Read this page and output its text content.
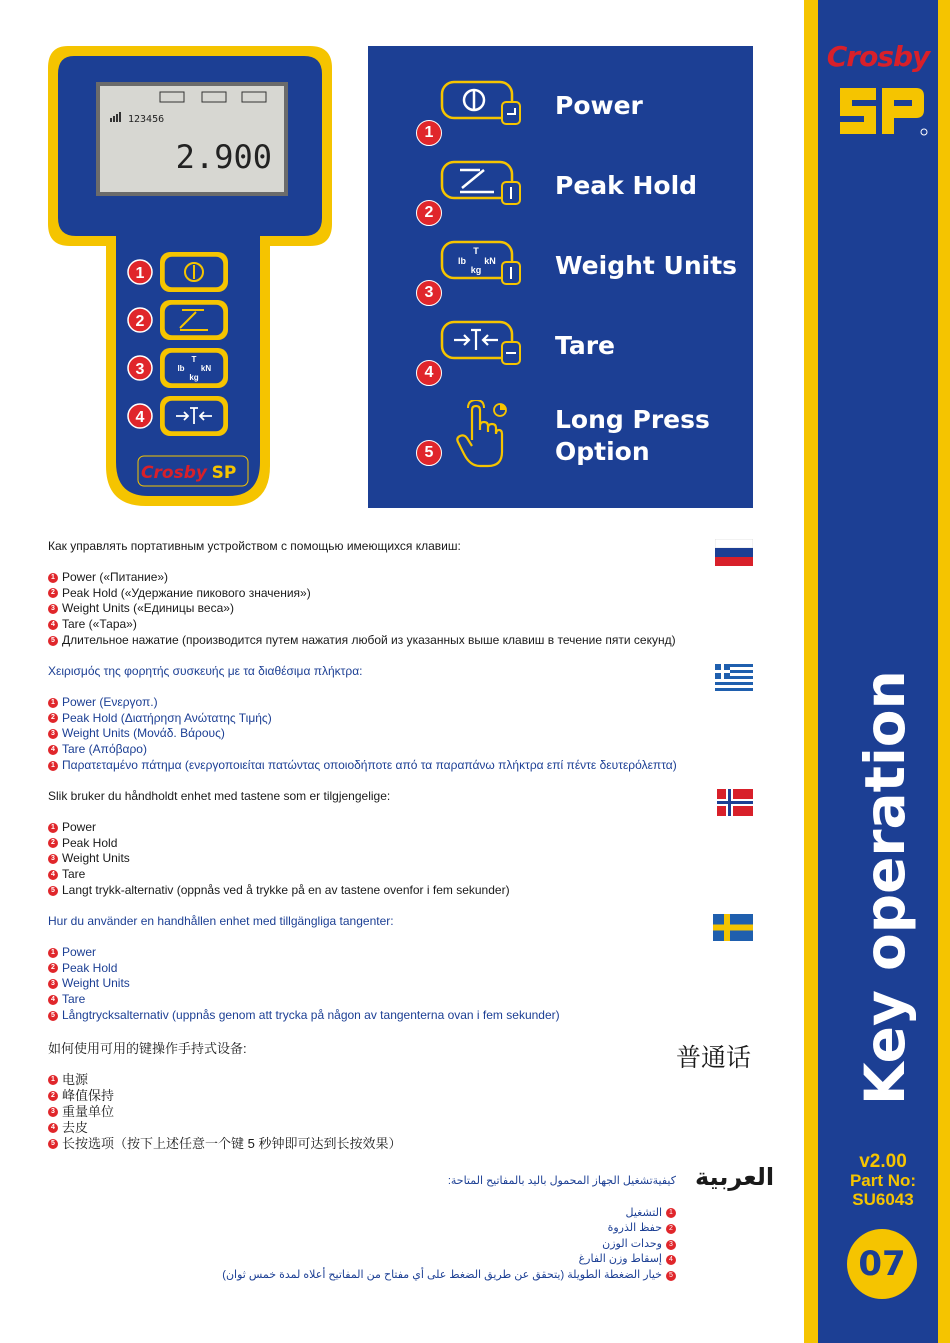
Crosby
Key operation
v2.00
Part No:
SU6043
07
123456
2.900
1
2
3
T
lb kN
kg
4
Crosby SP
1
Power
2
Peak Hold
T
lb kN
kg
3
Weight Units
4
Tare
5
Long Press
Option
Как управлять портативным устройством с помощью имеющихся клавиш:
1 Power («Питание»)
2 Peak Hold («Удержание пикового значения»)
3 Weight Units («Единицы веса»)
4 Tare («Тара»)
5 Длительное нажатие (производится путем нажатия любой из указанных выше клавиш в течение пяти секунд)
Χειρισμός της φορητής συσκευής με τα διαθέσιμα πλήκτρα:
1 Power (Ενεργοπ.)
2 Peak Hold (Διατήρηση Ανώτατης Τιμής)
3 Weight Units (Μονάδ. Βάρους)
4 Tare (Απόβαρο)
1 Παρατεταμένο πάτημα (ενεργοποιείται πατώντας οποιοδήποτε από τα παραπάνω πλήκτρα επί πέντε δευτερόλεπτα)
Slik bruker du håndholdt enhet med tastene som er tilgjengelige:
1 Power
2 Peak Hold
3 Weight Units
4 Tare
5 Langt trykk-alternativ (oppnås ved å trykke på en av tastene ovenfor i fem sekunder)
Hur du använder en handhållen enhet med tillgängliga tangenter:
1 Power
2 Peak Hold
3 Weight Units
4 Tare
5 Långtrycksalternativ (uppnås genom att trycka på någon av tangenterna ovan i fem sekunder)
普通话
如何使用可用的键操作手持式设备:
1 电源
2 峰值保持
3 重量单位
4 去皮
5 长按选项（按下上述任意一个键 5 秒钟即可达到长按效果）
العربية
كيفيةتشغيل الجهاز المحمول باليد بالمفاتيح المتاحة:
1
التشغيل
2
حفظ الذروة
3
وحدات الوزن
4
إسقاط وزن الفارغ
5
خيار الضغطة الطويلة (يتحقق عن طريق الضغط على أي مفتاح من المفاتيح أعلاه لمدة خمس ثوان)
